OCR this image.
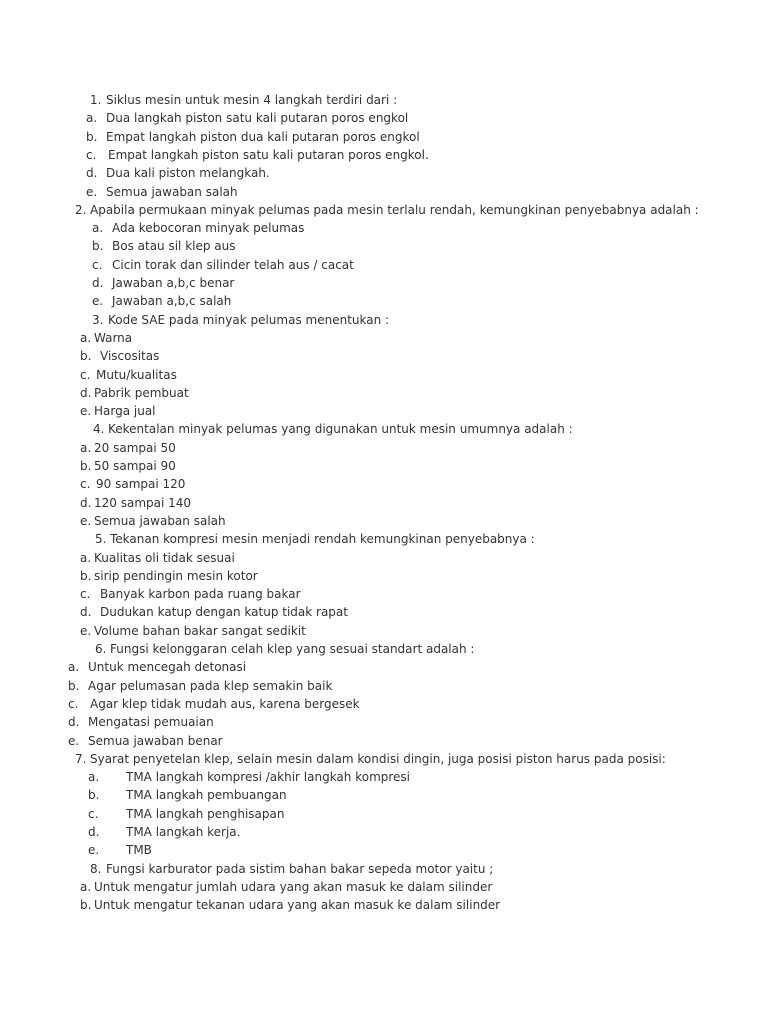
1. Siklus mesin untuk mesin 4 langkah terdiri dari :
a. Dua langkah piston satu kali putaran poros engkol
b. Empat langkah piston dua kali putaran poros engkol
c. Empat langkah piston satu kali putaran poros engkol.
d. Dua kali piston melangkah.
e. Semua jawaban salah
2. Apabila permukaan minyak pelumas pada mesin terlalu rendah, kemungkinan penyebabnya adalah :
a. Ada kebocoran minyak pelumas
b. Bos atau sil klep aus
c. Cicin torak dan silinder telah aus / cacat
d. Jawaban a,b,c benar
e. Jawaban a,b,c salah
3. Kode SAE pada minyak pelumas menentukan :
a. Warna
b. Viscositas
c. Mutu/kualitas
d. Pabrik pembuat
e. Harga jual
4. Kekentalan minyak pelumas yang digunakan untuk mesin umumnya adalah :
a. 20 sampai 50
b. 50 sampai 90
c. 90 sampai 120
d. 120 sampai 140
e. Semua jawaban salah
5. Tekanan kompresi mesin menjadi rendah kemungkinan penyebabnya :
a. Kualitas oli tidak sesuai
b. sirip pendingin mesin kotor
c. Banyak karbon pada ruang bakar
d. Dudukan katup dengan katup tidak rapat
e. Volume bahan bakar sangat sedikit
6. Fungsi kelonggaran celah klep yang sesuai standart adalah :
a. Untuk mencegah detonasi
b. Agar pelumasan pada klep semakin baik
c. Agar klep tidak mudah aus, karena bergesek
d. Mengatasi pemuaian
e. Semua jawaban benar
7. Syarat penyetelan klep, selain mesin dalam kondisi dingin, juga posisi piston harus pada posisi:
a. TMA langkah kompresi /akhir langkah kompresi
b. TMA langkah pembuangan
c. TMA langkah penghisapan
d. TMA langkah kerja.
e. TMB
8. Fungsi karburator pada sistim bahan bakar sepeda motor yaitu ;
a. Untuk mengatur jumlah udara yang akan masuk ke dalam silinder
b. Untuk mengatur tekanan udara yang akan masuk ke dalam silinder
